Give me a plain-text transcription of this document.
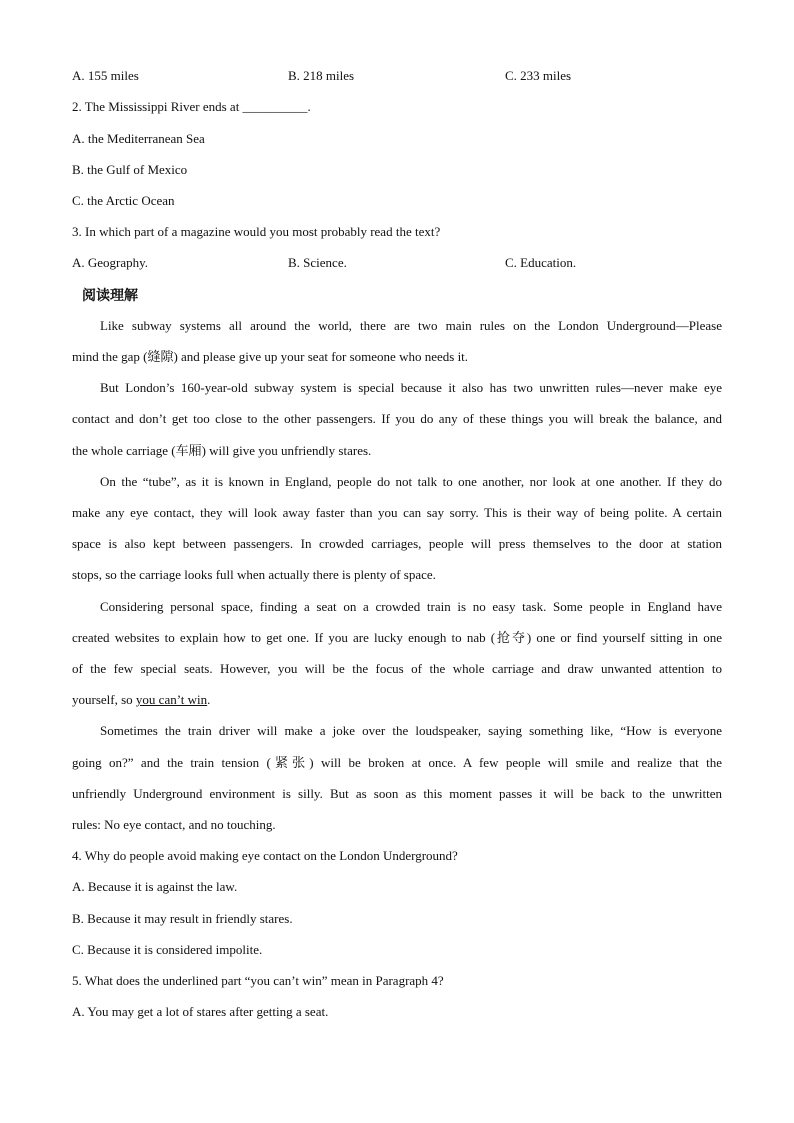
A. 155 miles	B. 218 miles	C. 233 miles
2. The Mississippi River ends at __________.
A. the Mediterranean Sea
B. the Gulf of Mexico
C. the Arctic Ocean
3. In which part of a magazine would you most probably read the text?
A. Geography.	B. Science.	C. Education.
阅读理解
Like subway systems all around the world, there are two main rules on the London Underground—Please
mind the gap (缝隙) and please give up your seat for someone who needs it.
But London’s 160-year-old subway system is special because it also has two unwritten rules—never make eye
contact and don’t get too close to the other passengers. If you do any of these things you will break the balance, and
the whole carriage (车厢) will give you unfriendly stares.
On the “tube”, as it is known in England, people do not talk to one another, nor look at one another. If they do
make any eye contact, they will look away faster than you can say sorry. This is their way of being polite. A certain
space is also kept between passengers. In crowded carriages, people will press themselves to the door at station
stops, so the carriage looks full when actually there is plenty of space.
Considering personal space, finding a seat on a crowded train is no easy task. Some people in England have
created websites to explain how to get one. If you are lucky enough to nab (抢夺) one or find yourself sitting in one
of the few special seats. However, you will be the focus of the whole carriage and draw unwanted attention to
yourself, so you can’t win.
Sometimes the train driver will make a joke over the loudspeaker, saying something like, “How is everyone
going on?” and the train tension (紧张) will be broken at once. A few people will smile and realize that the
unfriendly Underground environment is silly. But as soon as this moment passes it will be back to the unwritten
rules: No eye contact, and no touching.
4. Why do people avoid making eye contact on the London Underground?
A. Because it is against the law.
B. Because it may result in friendly stares.
C. Because it is considered impolite.
5. What does the underlined part “you can’t win” mean in Paragraph 4?
A. You may get a lot of stares after getting a seat.
